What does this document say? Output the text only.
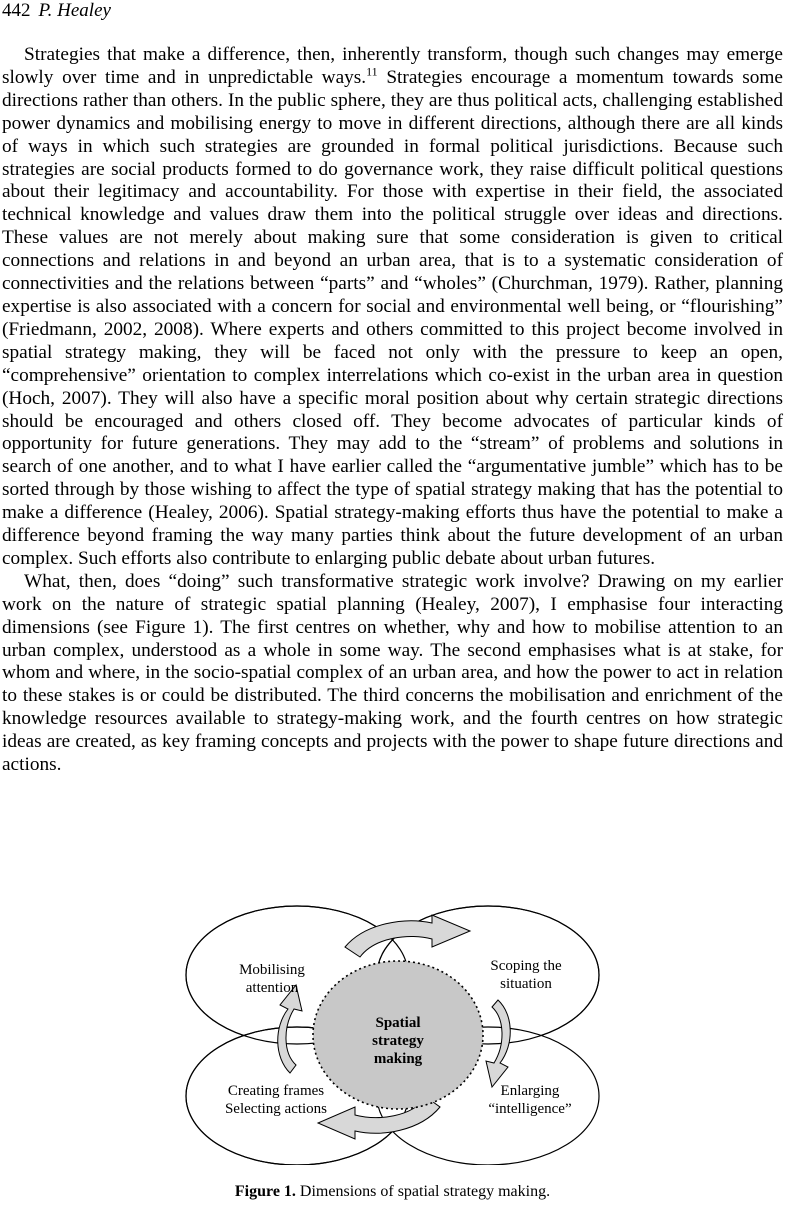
442 P. Healey

Strategies that make a difference, then, inherently transform, though such changes may emerge slowly over time and in unpredictable ways.$^{11}$ Strategies encourage a momentum towards some directions rather than others. In the public sphere, they are thus political acts, challenging established power dynamics and mobilising energy to move in different directions, although there are all kinds of ways in which such strategies are grounded in formal political jurisdictions. Because such strategies are social products formed to do governance work, they raise difficult political questions about their legitimacy and accountability. For those with expertise in their field, the associated technical knowledge and values draw them into the political struggle over ideas and directions. These values are not merely about making sure that some consideration is given to critical connections and relations in and beyond an urban area, that is to a systematic consideration of connectivities and the relations between “parts” and “wholes” (Churchman, 1979). Rather, planning expertise is also associated with a concern for social and environmental well being, or “flourishing” (Friedmann, 2002, 2008). Where experts and others committed to this project become involved in spatial strategy making, they will be faced not only with the pressure to keep an open, “comprehensive” orientation to complex interrelations which co-exist in the urban area in question (Hoch, 2007). They will also have a specific moral position about why certain strategic directions should be encouraged and others closed off. They become advocates of particular kinds of opportunity for future generations. They may add to the “stream” of problems and solutions in search of one another, and to what I have earlier called the “argumentative jumble” which has to be sorted through by those wishing to affect the type of spatial strategy making that has the potential to make a difference (Healey, 2006). Spatial strategy-making efforts thus have the potential to make a difference beyond framing the way many parties think about the future development of an urban complex. Such efforts also contribute to enlarging public debate about urban futures.

What, then, does “doing” such transformative strategic work involve? Drawing on my earlier work on the nature of strategic spatial planning (Healey, 2007), I emphasise four interacting dimensions (see Figure 1). The first centres on whether, why and how to mobilise attention to an urban complex, understood as a whole in some way. The second emphasises what is at stake, for whom and where, in the socio-spatial complex of an urban area, and how the power to act in relation to these stakes is or could be distributed. The third concerns the mobilisation and enrichment of the knowledge resources available to strategy-making work, and the fourth centres on how strategic ideas are created, as key framing concepts and projects with the power to shape future directions and actions.

Mobilising
attention
Scoping the
situation
Spatial
strategy
making
Creating frames
Selecting actions
Enlarging
“intelligence”
Figure 1. Dimensions of spatial strategy making.
